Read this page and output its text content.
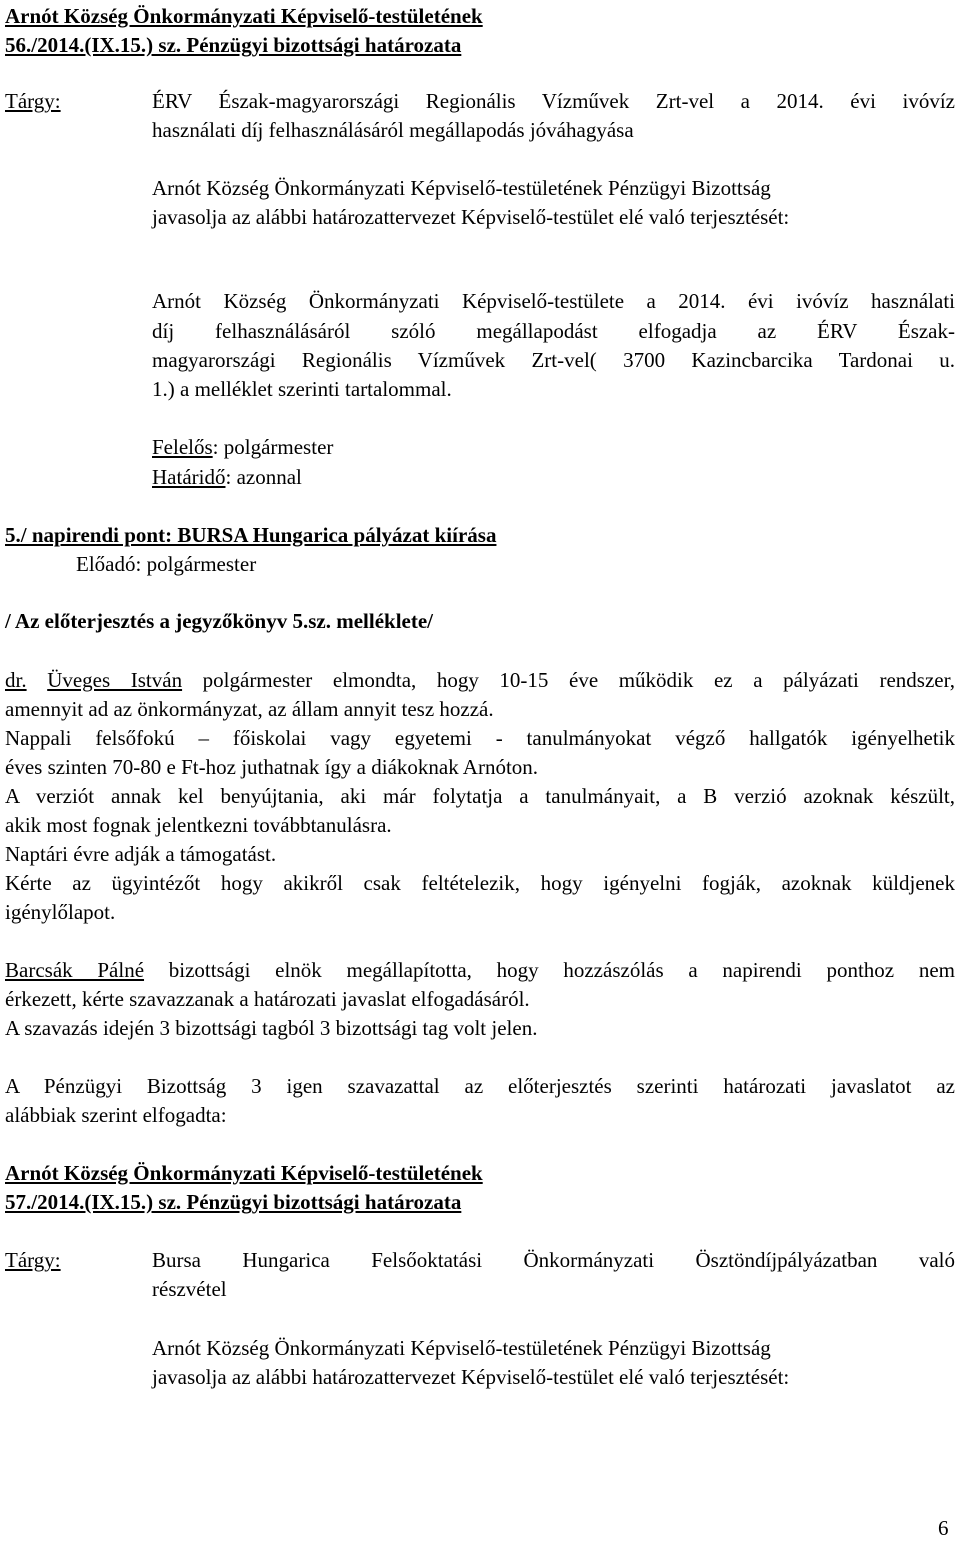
Arnót Község Önkormányzati Képviselő-testületének
56./2014.(IX.15.) sz. Pénzügyi bizottsági határozata
Tárgy:	ÉRV Észak-magyarországi Regionális Vízművek Zrt-vel a 2014. évi ivóvíz
használati díj felhasználásáról megállapodás jóváhagyása
Arnót Község Önkormányzati Képviselő-testületének Pénzügyi Bizottság
javasolja az alábbi határozattervezet Képviselő-testület elé való terjesztését:
Arnót Község Önkormányzati Képviselő-testülete a 2014. évi ivóvíz használati
díj felhasználásáról szóló megállapodást elfogadja az ÉRV Észak-
magyarországi Regionális Vízművek Zrt-vel( 3700 Kazincbarcika Tardonai u.
1.) a melléklet szerinti tartalommal.
Felelős: polgármester
Határidő: azonnal
5./ napirendi pont: BURSA Hungarica pályázat kiírása
Előadó: polgármester
/ Az előterjesztés a jegyzőkönyv 5.sz. melléklete/
dr. Üveges István polgármester elmondta, hogy 10-15 éve működik ez a pályázati rendszer,
amennyit ad az önkormányzat, az állam annyit tesz hozzá.
Nappali felsőfokú – főiskolai vagy egyetemi - tanulmányokat végző hallgatók igényelhetik
éves szinten 70-80 e Ft-hoz juthatnak így a diákoknak Arnóton.
A verziót annak kel benyújtania, aki már folytatja a tanulmányait, a B verzió azoknak készült,
akik most fognak jelentkezni továbbtanulásra.
Naptári évre adják a támogatást.
Kérte az ügyintézőt hogy akikről csak feltételezik, hogy igényelni fogják, azoknak küldjenek
igénylőlapot.
Barcsák Pálné bizottsági elnök megállapította, hogy hozzászólás a napirendi ponthoz nem
érkezett, kérte szavazzanak a határozati javaslat elfogadásáról.
A szavazás idején 3 bizottsági tagból 3 bizottsági tag volt jelen.
A Pénzügyi Bizottság 3 igen szavazattal az előterjesztés szerinti határozati javaslatot az
alábbiak szerint elfogadta:
Arnót Község Önkormányzati Képviselő-testületének
57./2014.(IX.15.) sz. Pénzügyi bizottsági határozata
Tárgy:	Bursa Hungarica Felsőoktatási Önkormányzati Ösztöndíjpályázatban való
részvétel
Arnót Község Önkormányzati Képviselő-testületének Pénzügyi Bizottság
javasolja az alábbi határozattervezet Képviselő-testület elé való terjesztését:
6
